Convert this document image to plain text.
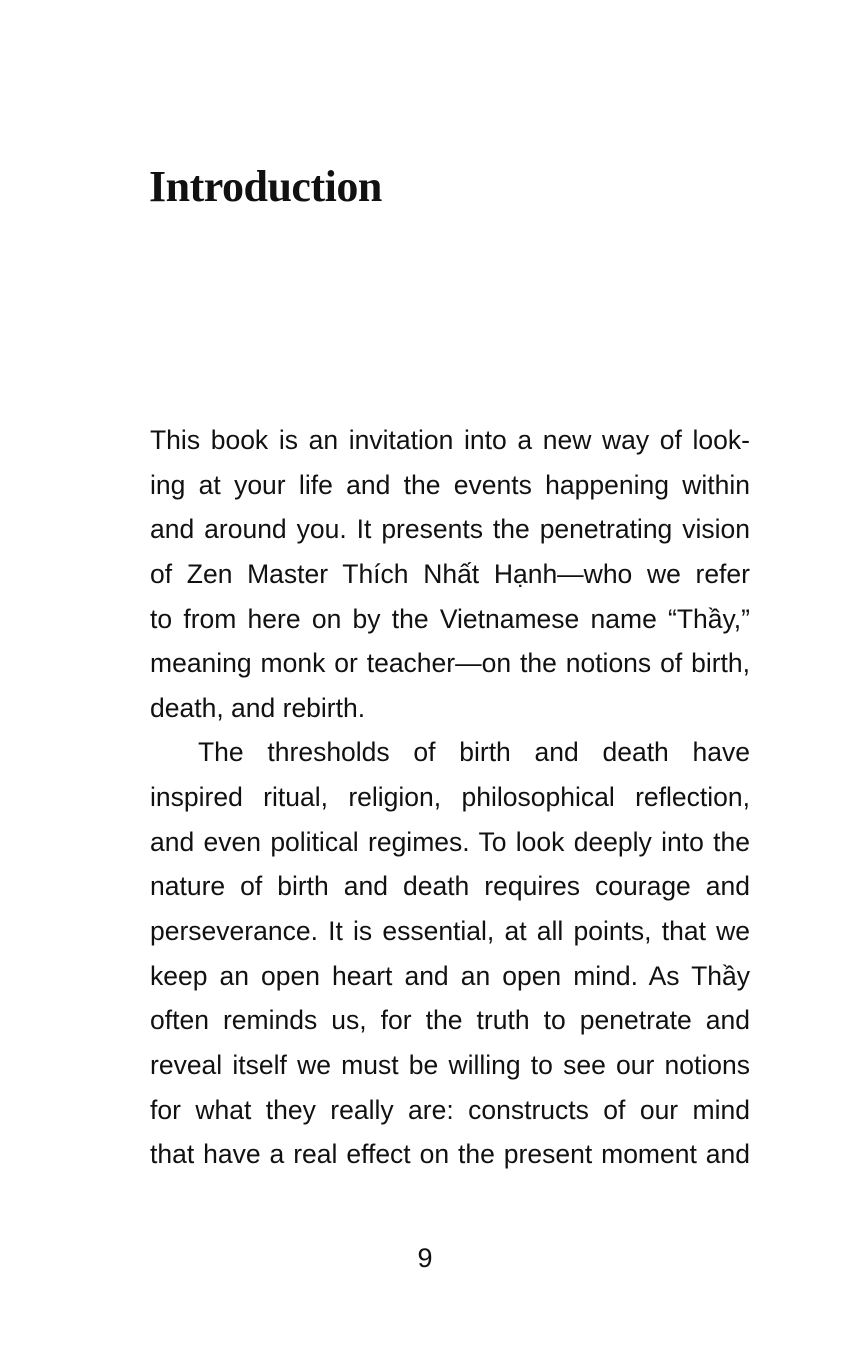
Introduction
This book is an invitation into a new way of look-
ing at your life and the events happening within
and around you. It presents the penetrating vision
of Zen Master Thích Nhất Hạnh—who we refer
to from here on by the Vietnamese name “Thầy,”
meaning monk or teacher—on the notions of birth,
death, and rebirth.
The thresholds of birth and death have
inspired ritual, religion, philosophical reflection,
and even political regimes. To look deeply into the
nature of birth and death requires courage and
perseverance. It is essential, at all points, that we
keep an open heart and an open mind. As Thầy
often reminds us, for the truth to penetrate and
reveal itself we must be willing to see our notions
for what they really are: constructs of our mind
that have a real effect on the present moment and
9
